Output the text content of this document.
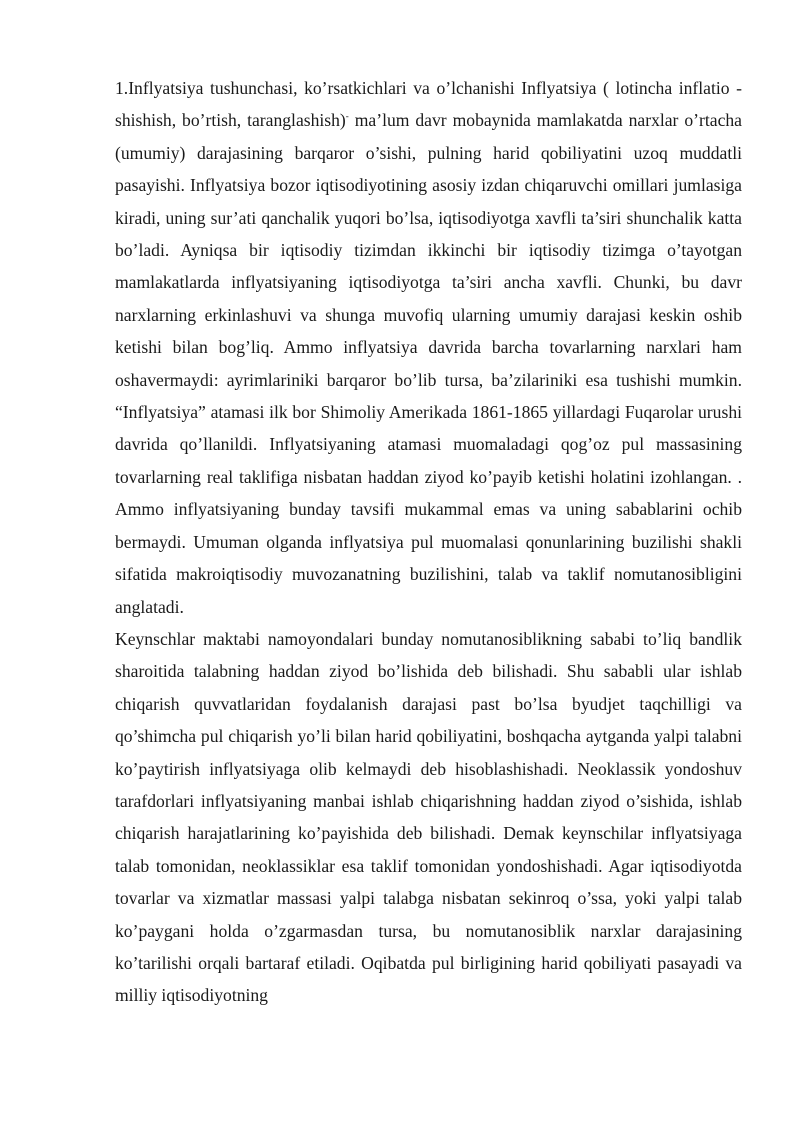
1.Inflyatsiya tushunchasi, ko’rsatkichlari va o’lchanishi Inflyatsiya ( lotincha inflatio - shishish, bo’rtish, taranglashish)- ma’lum davr mobaynida mamlakatda narxlar o’rtacha (umumiy) darajasining barqaror o’sishi, pulning harid qobiliyatini uzoq muddatli pasayishi. Inflyatsiya bozor iqtisodiyotining asosiy izdan chiqaruvchi omillari jumlasiga kiradi, uning sur’ati qanchalik yuqori bo’lsa, iqtisodiyotga xavfli ta’siri shunchalik katta bo’ladi. Ayniqsa bir iqtisodiy tizimdan ikkinchi bir iqtisodiy tizimga o’tayotgan mamlakatlarda inflyatsiyaning iqtisodiyotga ta’siri ancha xavfli. Chunki, bu davr narxlarning erkinlashuvi va shunga muvofiq ularning umumiy darajasi keskin oshib ketishi bilan bog’liq. Ammo inflyatsiya davrida barcha tovarlarning narxlari ham oshavermaydi: ayrimlariniki barqaror bo’lib tursa, ba’zilariniki esa tushishi mumkin. “Inflyatsiya” atamasi ilk bor Shimoliy Amerikada 1861-1865 yillardagi Fuqarolar urushi davrida qo’llanildi. Inflyatsiyaning atamasi muomaladagi qog’oz pul massasining tovarlarning real taklifiga nisbatan haddan ziyod ko’payib ketishi holatini izohlangan. . Ammo inflyatsiyaning bunday tavsifi mukammal emas va uning sabablarini ochib bermaydi. Umuman olganda inflyatsiya pul muomalasi qonunlarining buzilishi shakli sifatida makroiqtisodiy muvozanatning buzilishini, talab va taklif nomutanosibligini anglatadi.

Keynschlar maktabi namoyondalari bunday nomutanosiblikning sababi to’liq bandlik sharoitida talabning haddan ziyod bo’lishida deb bilishadi. Shu sababli ular ishlab chiqarish quvvatlaridan foydalanish darajasi past bo’lsa byudjet taqchilligi va qo’shimcha pul chiqarish yo’li bilan harid qobiliyatini, boshqacha aytganda yalpi talabni ko’paytirish inflyatsiyaga olib kelmaydi deb hisoblashishadi. Neoklassik yondoshuv tarafdorlari inflyatsiyaning manbai ishlab chiqarishning haddan ziyod o’sishida, ishlab chiqarish harajatlarining ko’payishida deb bilishadi. Demak keynschilar inflyatsiyaga talab tomonidan, neoklassiklar esa taklif tomonidan yondoshishadi. Agar iqtisodiyotda tovarlar va xizmatlar massasi yalpi talabga nisbatan sekinroq o’ssa, yoki yalpi talab ko’paygani holda o’zgarmasdan tursa, bu nomutanosiblik narxlar darajasining ko’tarilishi orqali bartaraf etiladi. Oqibatda pul birligining harid qobiliyati pasayadi va milliy iqtisodiyotning
